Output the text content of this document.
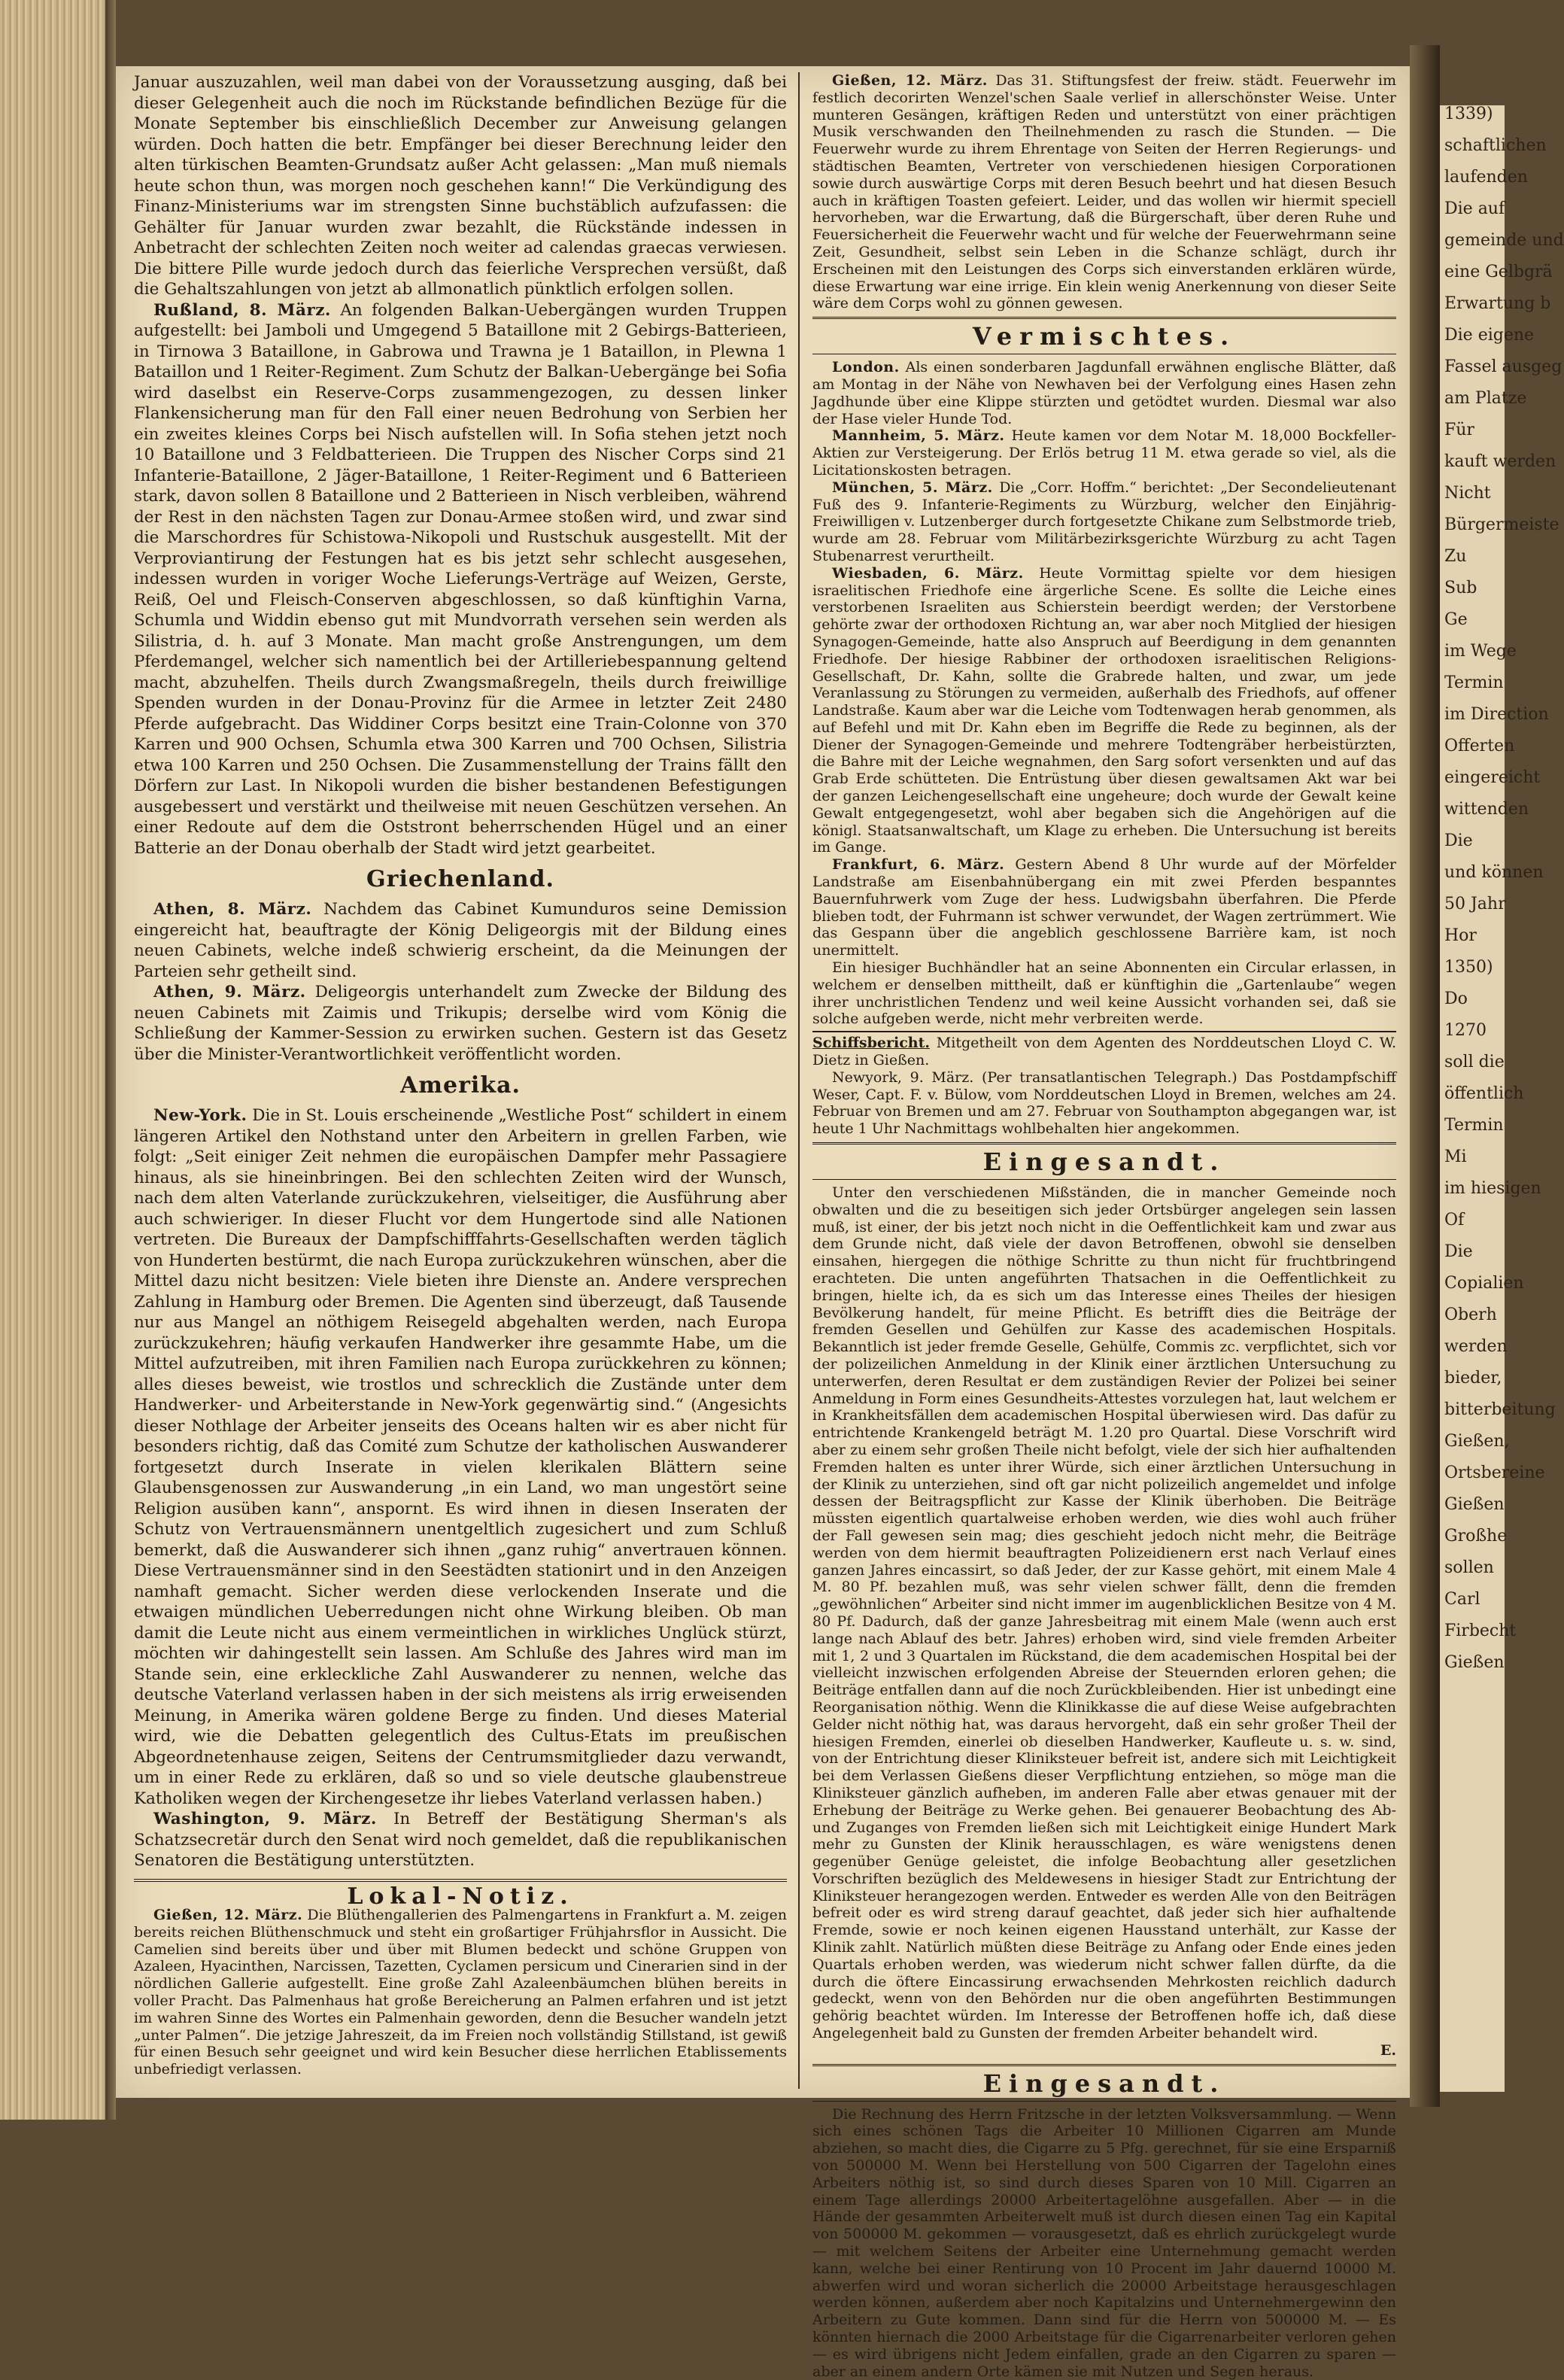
1339)
schaftlichen
laufenden
Die auf
gemeinde und
eine Gelbgrä
Erwartung b
Die eigene
Fassel ausgeg
am Platze
Für
kauft werden
Nicht
Bürgermeiste
Zu
Sub
Ge
im Wege
Termin
im Direction
Offerten
eingereicht
wittenden
Die
und können
50 Jahr
Hor
1350)
Do
1270
soll die
öffentlich
Termin
Mi
im hiesigen
Of
Die
Copialien
Oberh
werden
bieder,
bitterbeitung
Gießen,
Ortsbereine
Gießen
Großhe
sollen
Carl
Firbecht
Gießen

Januar auszuzahlen, weil man dabei von der Voraussetzung ausging, daß bei dieser Gelegenheit auch die noch im Rückstande befindlichen Bezüge für die Monate September bis einschließlich December zur Anweisung gelangen würden. Doch hatten die betr. Empfänger bei dieser Berechnung leider den alten türkischen Beamten-Grundsatz außer Acht gelassen: „Man muß niemals heute schon thun, was morgen noch geschehen kann!“ Die Verkündigung des Finanz-Ministeriums war im strengsten Sinne buchstäblich aufzufassen: die Gehälter für Januar wurden zwar bezahlt, die Rückstände indessen in Anbetracht der schlechten Zeiten noch weiter ad calendas graecas verwiesen. Die bittere Pille wurde jedoch durch das feierliche Versprechen versüßt, daß die Gehaltszahlungen von jetzt ab allmonatlich pünktlich erfolgen sollen.

Rußland, 8. März. An folgenden Balkan-Uebergängen wurden Truppen aufgestellt: bei Jamboli und Umgegend 5 Bataillone mit 2 Gebirgs-Batterieen, in Tirnowa 3 Bataillone, in Gabrowa und Trawna je 1 Bataillon, in Plewna 1 Bataillon und 1 Reiter-Regiment. Zum Schutz der Balkan-Uebergänge bei Sofia wird daselbst ein Reserve-Corps zusammengezogen, zu dessen linker Flankensicherung man für den Fall einer neuen Bedrohung von Serbien her ein zweites kleines Corps bei Nisch aufstellen will. In Sofia stehen jetzt noch 10 Bataillone und 3 Feldbatterieen. Die Truppen des Nischer Corps sind 21 Infanterie-Bataillone, 2 Jäger-Bataillone, 1 Reiter-Regiment und 6 Batterieen stark, davon sollen 8 Bataillone und 2 Batterieen in Nisch verbleiben, während der Rest in den nächsten Tagen zur Donau-Armee stoßen wird, und zwar sind die Marschordres für Schistowa-Nikopoli und Rustschuk ausgestellt. Mit der Verproviantirung der Festungen hat es bis jetzt sehr schlecht ausgesehen, indessen wurden in voriger Woche Lieferungs-Verträge auf Weizen, Gerste, Reiß, Oel und Fleisch-Conserven abgeschlossen, so daß künftighin Varna, Schumla und Widdin ebenso gut mit Mundvorrath versehen sein werden als Silistria, d. h. auf 3 Monate. Man macht große Anstrengungen, um dem Pferdemangel, welcher sich namentlich bei der Artilleriebespannung geltend macht, abzuhelfen. Theils durch Zwangsmaßregeln, theils durch freiwillige Spenden wurden in der Donau-Provinz für die Armee in letzter Zeit 2480 Pferde aufgebracht. Das Widdiner Corps besitzt eine Train-Colonne von 370 Karren und 900 Ochsen, Schumla etwa 300 Karren und 700 Ochsen, Silistria etwa 100 Karren und 250 Ochsen. Die Zusammenstellung der Trains fällt den Dörfern zur Last. In Nikopoli wurden die bisher bestandenen Befestigungen ausgebessert und verstärkt und theilweise mit neuen Geschützen versehen. An einer Redoute auf dem die Oststront beherrschenden Hügel und an einer Batterie an der Donau oberhalb der Stadt wird jetzt gearbeitet.

Griechenland.

Athen, 8. März. Nachdem das Cabinet Kumunduros seine Demission eingereicht hat, beauftragte der König Deligeorgis mit der Bildung eines neuen Cabinets, welche indeß schwierig erscheint, da die Meinungen der Parteien sehr getheilt sind.

Athen, 9. März. Deligeorgis unterhandelt zum Zwecke der Bildung des neuen Cabinets mit Zaimis und Trikupis; derselbe wird vom König die Schließung der Kammer-Session zu erwirken suchen. Gestern ist das Gesetz über die Minister-Verantwortlichkeit veröffentlicht worden.

Amerika.

New-York. Die in St. Louis erscheinende „Westliche Post“ schildert in einem längeren Artikel den Nothstand unter den Arbeitern in grellen Farben, wie folgt: „Seit einiger Zeit nehmen die europäischen Dampfer mehr Passagiere hinaus, als sie hineinbringen. Bei den schlechten Zeiten wird der Wunsch, nach dem alten Vaterlande zurückzukehren, vielseitiger, die Ausführung aber auch schwieriger. In dieser Flucht vor dem Hungertode sind alle Nationen vertreten. Die Bureaux der Dampfschifffahrts-Gesellschaften werden täglich von Hunderten bestürmt, die nach Europa zurückzukehren wünschen, aber die Mittel dazu nicht besitzen: Viele bieten ihre Dienste an. Andere versprechen Zahlung in Hamburg oder Bremen. Die Agenten sind überzeugt, daß Tausende nur aus Mangel an nöthigem Reisegeld abgehalten werden, nach Europa zurückzukehren; häufig verkaufen Handwerker ihre gesammte Habe, um die Mittel aufzutreiben, mit ihren Familien nach Europa zurückkehren zu können; alles dieses beweist, wie trostlos und schrecklich die Zustände unter dem Handwerker- und Arbeiterstande in New-York gegenwärtig sind.“ (Angesichts dieser Nothlage der Arbeiter jenseits des Oceans halten wir es aber nicht für besonders richtig, daß das Comité zum Schutze der katholischen Auswanderer fortgesetzt durch Inserate in vielen klerikalen Blättern seine Glaubensgenossen zur Auswanderung „in ein Land, wo man ungestört seine Religion ausüben kann“, anspornt. Es wird ihnen in diesen Inseraten der Schutz von Vertrauensmännern unentgeltlich zugesichert und zum Schluß bemerkt, daß die Auswanderer sich ihnen „ganz ruhig“ anvertrauen können. Diese Vertrauensmänner sind in den Seestädten stationirt und in den Anzeigen namhaft gemacht. Sicher werden diese verlockenden Inserate und die etwaigen mündlichen Ueberredungen nicht ohne Wirkung bleiben. Ob man damit die Leute nicht aus einem vermeintlichen in wirkliches Unglück stürzt, möchten wir dahingestellt sein lassen. Am Schluße des Jahres wird man im Stande sein, eine erkleckliche Zahl Auswanderer zu nennen, welche das deutsche Vaterland verlassen haben in der sich meistens als irrig erweisenden Meinung, in Amerika wären goldene Berge zu finden. Und dieses Material wird, wie die Debatten gelegentlich des Cultus-Etats im preußischen Abgeordnetenhause zeigen, Seitens der Centrumsmitglieder dazu verwandt, um in einer Rede zu erklären, daß so und so viele deutsche glaubenstreue Katholiken wegen der Kirchengesetze ihr liebes Vaterland verlassen haben.)

Washington, 9. März. In Betreff der Bestätigung Sherman's als Schatzsecretär durch den Senat wird noch gemeldet, daß die republikanischen Senatoren die Bestätigung unterstützten.

Lokal-Notiz.

Gießen, 12. März. Die Blüthengallerien des Palmengartens in Frankfurt a. M. zeigen bereits reichen Blüthenschmuck und steht ein großartiger Frühjahrsflor in Aussicht. Die Camelien sind bereits über und über mit Blumen bedeckt und schöne Gruppen von Azaleen, Hyacinthen, Narcissen, Tazetten, Cyclamen persicum und Cinerarien sind in der nördlichen Gallerie aufgestellt. Eine große Zahl Azaleenbäumchen blühen bereits in voller Pracht. Das Palmenhaus hat große Bereicherung an Palmen erfahren und ist jetzt im wahren Sinne des Wortes ein Palmenhain geworden, denn die Besucher wandeln jetzt „unter Palmen“. Die jetzige Jahreszeit, da im Freien noch vollständig Stillstand, ist gewiß für einen Besuch sehr geeignet und wird kein Besucher diese herrlichen Etablissements unbefriedigt verlassen.

Gießen, 12. März. Das 31. Stiftungsfest der freiw. städt. Feuerwehr im festlich decorirten Wenzel'schen Saale verlief in allerschönster Weise. Unter munteren Gesängen, kräftigen Reden und unterstützt von einer prächtigen Musik verschwanden den Theilnehmenden zu rasch die Stunden. — Die Feuerwehr wurde zu ihrem Ehrentage von Seiten der Herren Regierungs- und städtischen Beamten, Vertreter von verschiedenen hiesigen Corporationen sowie durch auswärtige Corps mit deren Besuch beehrt und hat diesen Besuch auch in kräftigen Toasten gefeiert. Leider, und das wollen wir hiermit speciell hervorheben, war die Erwartung, daß die Bürgerschaft, über deren Ruhe und Feuersicherheit die Feuerwehr wacht und für welche der Feuerwehrmann seine Zeit, Gesundheit, selbst sein Leben in die Schanze schlägt, durch ihr Erscheinen mit den Leistungen des Corps sich einverstanden erklären würde, diese Erwartung war eine irrige. Ein klein wenig Anerkennung von dieser Seite wäre dem Corps wohl zu gönnen gewesen.

Vermischtes.

London. Als einen sonderbaren Jagdunfall erwähnen englische Blätter, daß am Montag in der Nähe von Newhaven bei der Verfolgung eines Hasen zehn Jagdhunde über eine Klippe stürzten und getödtet wurden. Diesmal war also der Hase vieler Hunde Tod.

Mannheim, 5. März. Heute kamen vor dem Notar M. 18,000 Bockfeller-Aktien zur Versteigerung. Der Erlös betrug 11 M. etwa gerade so viel, als die Licitationskosten betragen.

München, 5. März. Die „Corr. Hoffm.“ berichtet: „Der Secondelieutenant Fuß des 9. Infanterie-Regiments zu Würzburg, welcher den Einjährig-Freiwilligen v. Lutzenberger durch fortgesetzte Chikane zum Selbstmorde trieb, wurde am 28. Februar vom Militärbezirksgerichte Würzburg zu acht Tagen Stubenarrest verurtheilt.

Wiesbaden, 6. März. Heute Vormittag spielte vor dem hiesigen israelitischen Friedhofe eine ärgerliche Scene. Es sollte die Leiche eines verstorbenen Israeliten aus Schierstein beerdigt werden; der Verstorbene gehörte zwar der orthodoxen Richtung an, war aber noch Mitglied der hiesigen Synagogen-Gemeinde, hatte also Anspruch auf Beerdigung in dem genannten Friedhofe. Der hiesige Rabbiner der orthodoxen israelitischen Religions-Gesellschaft, Dr. Kahn, sollte die Grabrede halten, und zwar, um jede Veranlassung zu Störungen zu vermeiden, außerhalb des Friedhofs, auf offener Landstraße. Kaum aber war die Leiche vom Todtenwagen herab genommen, als auf Befehl und mit Dr. Kahn eben im Begriffe die Rede zu beginnen, als der Diener der Synagogen-Gemeinde und mehrere Todtengräber herbeistürzten, die Bahre mit der Leiche wegnahmen, den Sarg sofort versenkten und auf das Grab Erde schütteten. Die Entrüstung über diesen gewaltsamen Akt war bei der ganzen Leichengesellschaft eine ungeheure; doch wurde der Gewalt keine Gewalt entgegengesetzt, wohl aber begaben sich die Angehörigen auf die königl. Staatsanwaltschaft, um Klage zu erheben. Die Untersuchung ist bereits im Gange.

Frankfurt, 6. März. Gestern Abend 8 Uhr wurde auf der Mörfelder Landstraße am Eisenbahnübergang ein mit zwei Pferden bespanntes Bauernfuhrwerk vom Zuge der hess. Ludwigsbahn überfahren. Die Pferde blieben todt, der Fuhrmann ist schwer verwundet, der Wagen zertrümmert. Wie das Gespann über die angeblich geschlossene Barrière kam, ist noch unermittelt.

Ein hiesiger Buchhändler hat an seine Abonnenten ein Circular erlassen, in welchem er denselben mittheilt, daß er künftighin die „Gartenlaube“ wegen ihrer unchristlichen Tendenz und weil keine Aussicht vorhanden sei, daß sie solche aufgeben werde, nicht mehr verbreiten werde.

Schiffsbericht. Mitgetheilt von dem Agenten des Norddeutschen Lloyd C. W. Dietz in Gießen.

Newyork, 9. März. (Per transatlantischen Telegraph.) Das Postdampfschiff Weser, Capt. F. v. Bülow, vom Norddeutschen Lloyd in Bremen, welches am 24. Februar von Bremen und am 27. Februar von Southampton abgegangen war, ist heute 1 Uhr Nachmittags wohlbehalten hier angekommen.

Eingesandt.

Unter den verschiedenen Mißständen, die in mancher Gemeinde noch obwalten und die zu beseitigen sich jeder Ortsbürger angelegen sein lassen muß, ist einer, der bis jetzt noch nicht in die Oeffentlichkeit kam und zwar aus dem Grunde nicht, daß viele der davon Betroffenen, obwohl sie denselben einsahen, hiergegen die nöthige Schritte zu thun nicht für fruchtbringend erachteten. Die unten angeführten Thatsachen in die Oeffentlichkeit zu bringen, hielte ich, da es sich um das Interesse eines Theiles der hiesigen Bevölkerung handelt, für meine Pflicht. Es betrifft dies die Beiträge der fremden Gesellen und Gehülfen zur Kasse des academischen Hospitals. Bekanntlich ist jeder fremde Geselle, Gehülfe, Commis zc. verpflichtet, sich vor der polizeilichen Anmeldung in der Klinik einer ärztlichen Untersuchung zu unterwerfen, deren Resultat er dem zuständigen Revier der Polizei bei seiner Anmeldung in Form eines Gesundheits-Attestes vorzulegen hat, laut welchem er in Krankheitsfällen dem academischen Hospital überwiesen wird. Das dafür zu entrichtende Krankengeld beträgt M. 1.20 pro Quartal. Diese Vorschrift wird aber zu einem sehr großen Theile nicht befolgt, viele der sich hier aufhaltenden Fremden halten es unter ihrer Würde, sich einer ärztlichen Untersuchung in der Klinik zu unterziehen, sind oft gar nicht polizeilich angemeldet und infolge dessen der Beitragspflicht zur Kasse der Klinik überhoben. Die Beiträge müssten eigentlich quartalweise erhoben werden, wie dies wohl auch früher der Fall gewesen sein mag; dies geschieht jedoch nicht mehr, die Beiträge werden von dem hiermit beauftragten Polizeidienern erst nach Verlauf eines ganzen Jahres eincassirt, so daß Jeder, der zur Kasse gehört, mit einem Male 4 M. 80 Pf. bezahlen muß, was sehr vielen schwer fällt, denn die fremden „gewöhnlichen“ Arbeiter sind nicht immer im augenblicklichen Besitze von 4 M. 80 Pf. Dadurch, daß der ganze Jahresbeitrag mit einem Male (wenn auch erst lange nach Ablauf des betr. Jahres) erhoben wird, sind viele fremden Arbeiter mit 1, 2 und 3 Quartalen im Rückstand, die dem academischen Hospital bei der vielleicht inzwischen erfolgenden Abreise der Steuernden erloren gehen; die Beiträge entfallen dann auf die noch Zurückbleibenden. Hier ist unbedingt eine Reorganisation nöthig. Wenn die Klinikkasse die auf diese Weise aufgebrachten Gelder nicht nöthig hat, was daraus hervorgeht, daß ein sehr großer Theil der hiesigen Fremden, einerlei ob dieselben Handwerker, Kaufleute u. s. w. sind, von der Entrichtung dieser Kliniksteuer befreit ist, andere sich mit Leichtigkeit bei dem Verlassen Gießens dieser Verpflichtung entziehen, so möge man die Kliniksteuer gänzlich aufheben, im anderen Falle aber etwas genauer mit der Erhebung der Beiträge zu Werke gehen. Bei genauerer Beobachtung des Ab- und Zuganges von Fremden ließen sich mit Leichtigkeit einige Hundert Mark mehr zu Gunsten der Klinik herausschlagen, es wäre wenigstens denen gegenüber Genüge geleistet, die infolge Beobachtung aller gesetzlichen Vorschriften bezüglich des Meldewesens in hiesiger Stadt zur Entrichtung der Kliniksteuer herangezogen werden. Entweder es werden Alle von den Beiträgen befreit oder es wird streng darauf geachtet, daß jeder sich hier aufhaltende Fremde, sowie er noch keinen eigenen Hausstand unterhält, zur Kasse der Klinik zahlt. Natürlich müßten diese Beiträge zu Anfang oder Ende eines jeden Quartals erhoben werden, was wiederum nicht schwer fallen dürfte, da die durch die öftere Eincassirung erwachsenden Mehrkosten reichlich dadurch gedeckt, wenn von den Behörden nur die oben angeführten Bestimmungen gehörig beachtet würden. Im Interesse der Betroffenen hoffe ich, daß diese Angelegenheit bald zu Gunsten der fremden Arbeiter behandelt wird.

E.
Eingesandt.

Die Rechnung des Herrn Fritzsche in der letzten Volksversammlung. — Wenn sich eines schönen Tags die Arbeiter 10 Millionen Cigarren am Munde abziehen, so macht dies, die Cigarre zu 5 Pfg. gerechnet, für sie eine Ersparniß von 500000 M. Wenn bei Herstellung von 500 Cigarren der Tagelohn eines Arbeiters nöthig ist, so sind durch dieses Sparen von 10 Mill. Cigarren an einem Tage allerdings 20000 Arbeitertagelöhne ausgefallen. Aber — in die Hände der gesammten Arbeiterwelt muß ist durch diesen einen Tag ein Kapital von 500000 M. gekommen — vorausgesetzt, daß es ehrlich zurückgelegt wurde — mit welchem Seitens der Arbeiter eine Unternehmung gemacht werden kann, welche bei einer Rentirung von 10 Procent im Jahr dauernd 10000 M. abwerfen wird und woran sicherlich die 20000 Arbeitstage herausgeschlagen werden können, außerdem aber noch Kapitalzins und Unternehmergewinn den Arbeitern zu Gute kommen. Dann sind für die Herrn von 500000 M. — Es könnten hiernach die 2000 Arbeitstage für die Cigarrenarbeiter verloren gehen — es wird übrigens nicht Jedem einfallen, grade an den Cigarren zu sparen — aber an einem andern Orte kämen sie mit Nutzen und Segen heraus.
